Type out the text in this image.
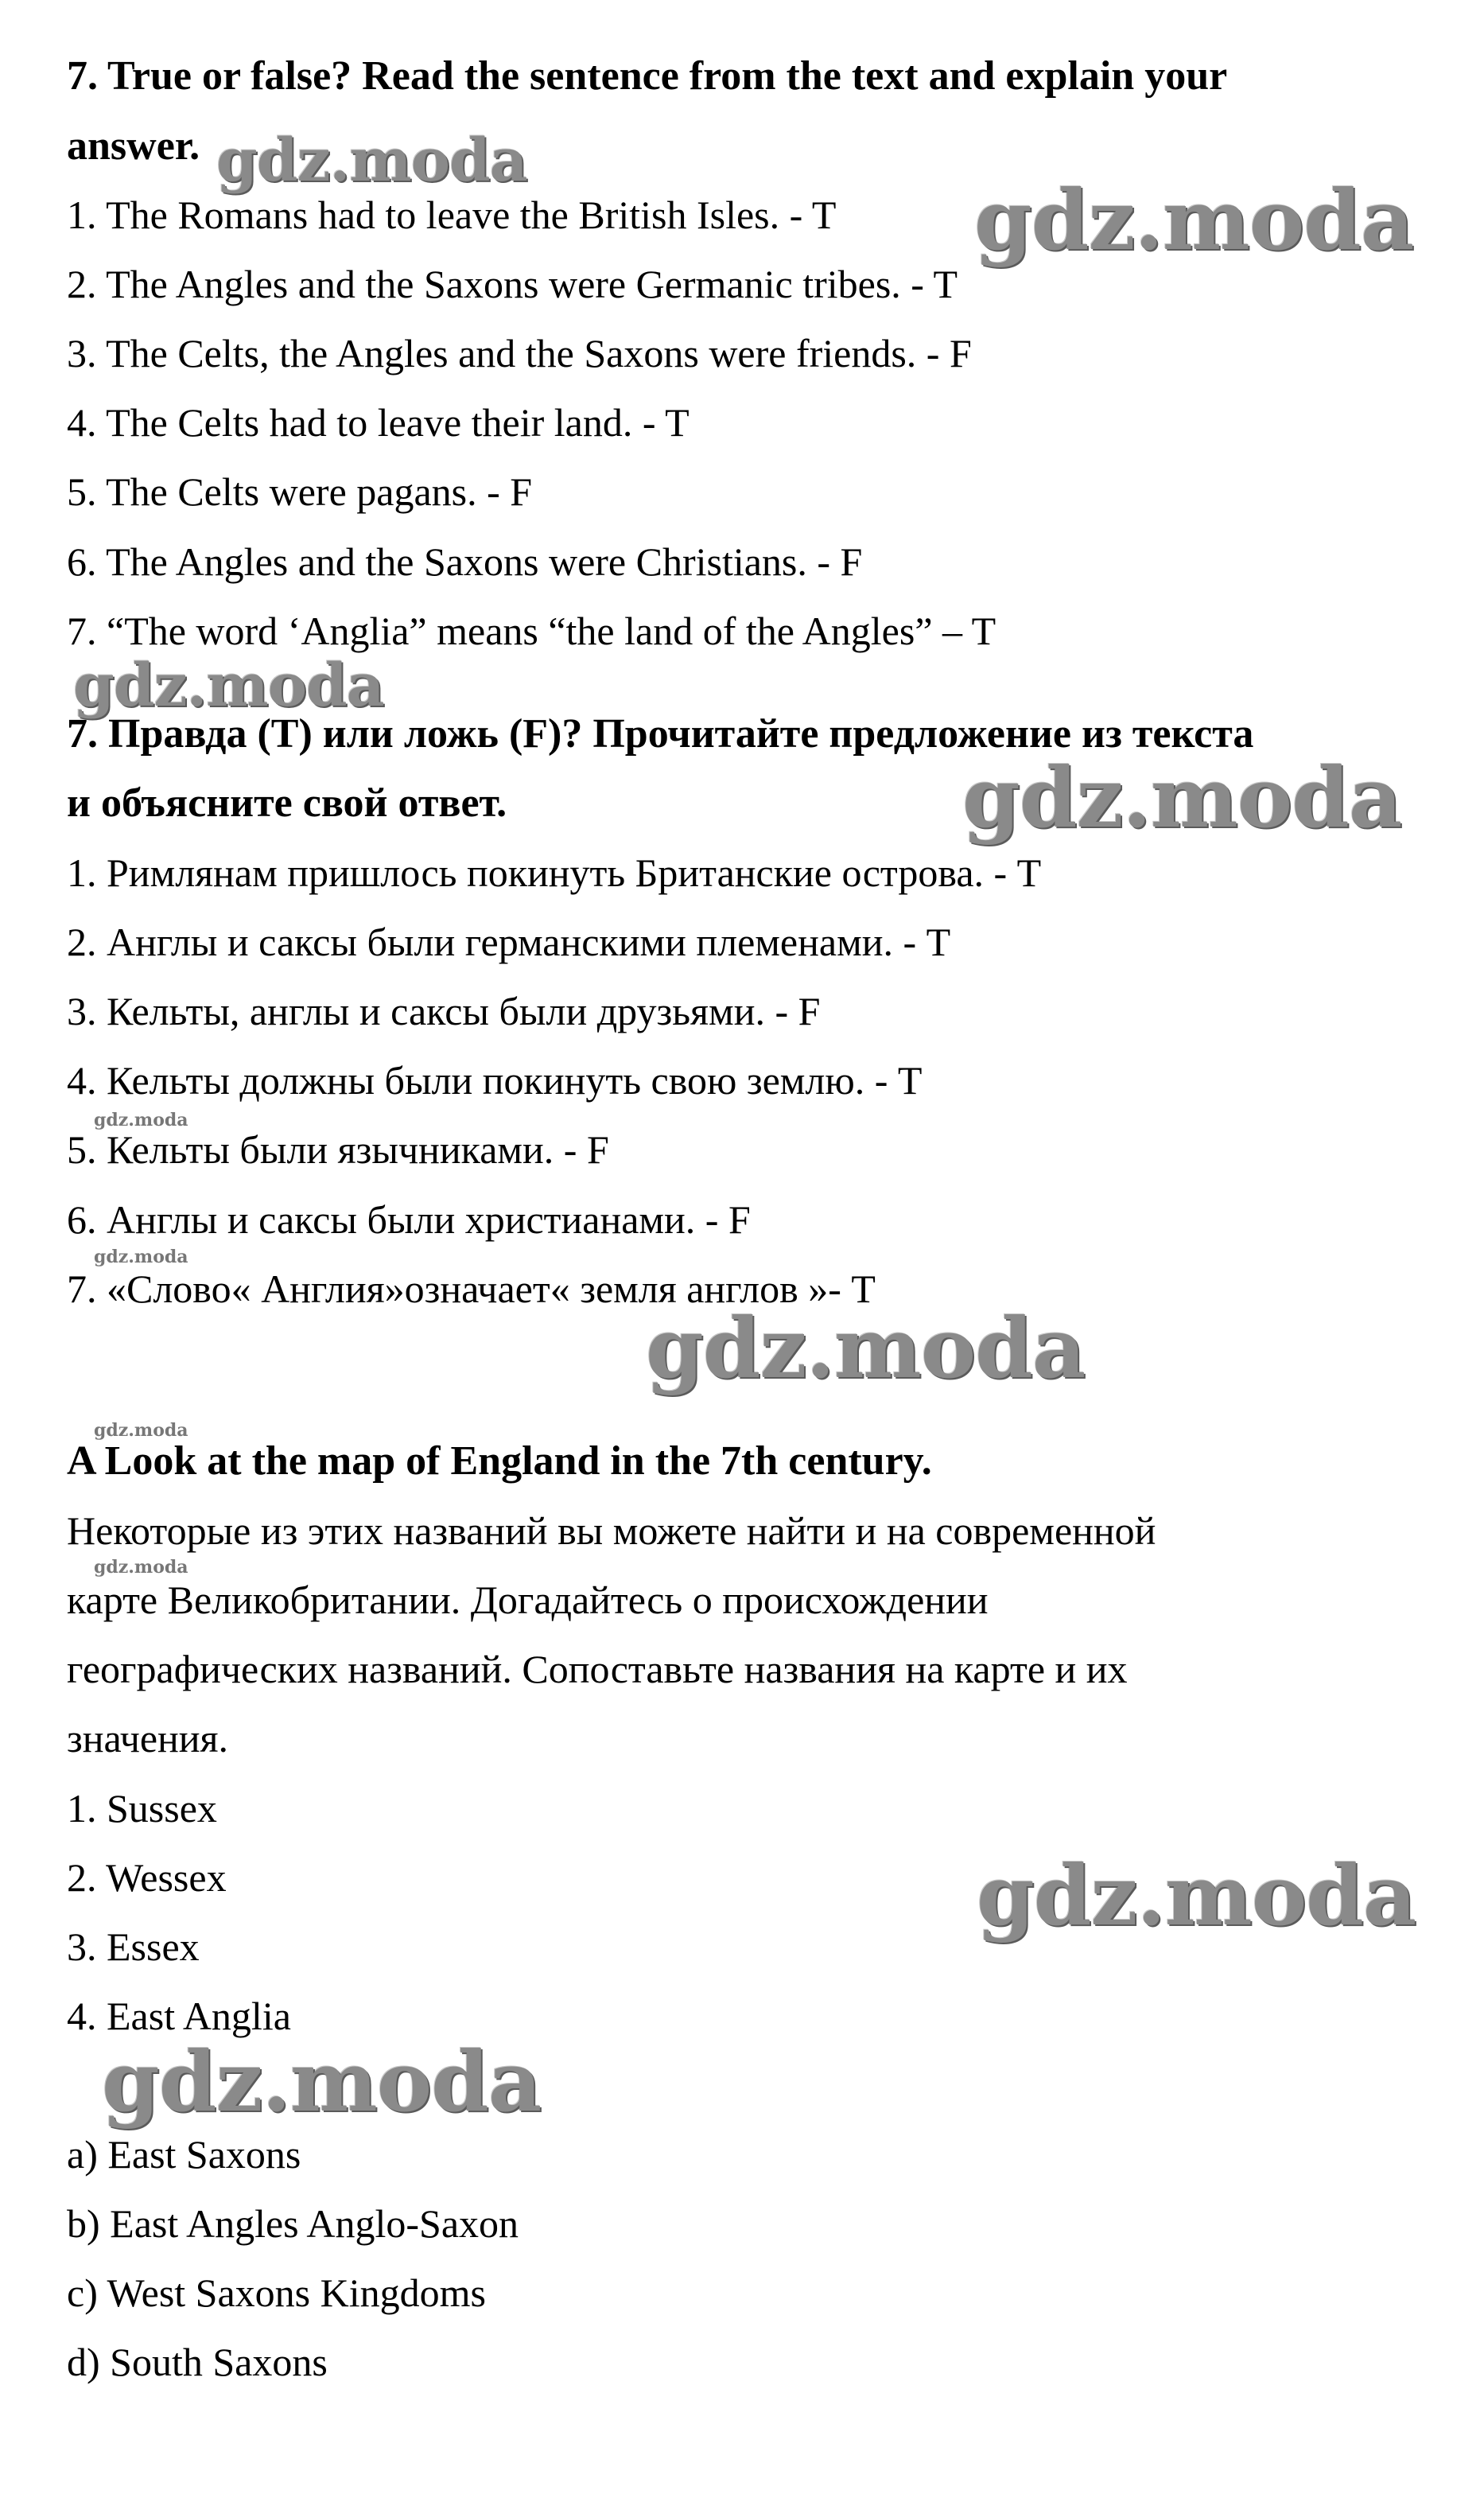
7. True or false? Read the sentence from the text and explain your

answer.

1. The Romans had to leave the British Isles. - T

2. The Angles and the Saxons were Germanic tribes. - T

3. The Celts, the Angles and the Saxons were friends. - F

4. The Celts had to leave their land. - T

5. The Celts were pagans. - F

6. The Angles and the Saxons were Christians. - F

7. “The word ‘Anglia” means “the land of the Angles” – T

7. Правда (T) или ложь (F)? Прочитайте предложение из текста

и объясните свой ответ.

1. Римлянам пришлось покинуть Британские острова. - T

2. Англы и саксы были германскими племенами. - T

3. Кельты, англы и саксы были друзьями. - F

4. Кельты должны были покинуть свою землю. - T

5. Кельты были язычниками. - F

6. Англы и саксы были христианами. - F

7. «Слово« Англия»означает« земля англов »- T

A Look at the map of England in the 7th century.

Некоторые из этих названий вы можете найти и на современной

карте Великобритании. Догадайтесь о происхождении

географических названий. Сопоставьте названия на карте и их

значения.

1. Sussex

2. Wessex

3. Essex

4. East Anglia

a) East Saxons

b) East Angles Anglo-Saxon

c) West Saxons Kingdoms

d) South Saxons

gdz.moda
gdz.moda
gdz.moda
gdz.moda
gdz.moda
gdz.moda
gdz.moda
gdz.moda
gdz.moda
gdz.moda
gdz.moda
